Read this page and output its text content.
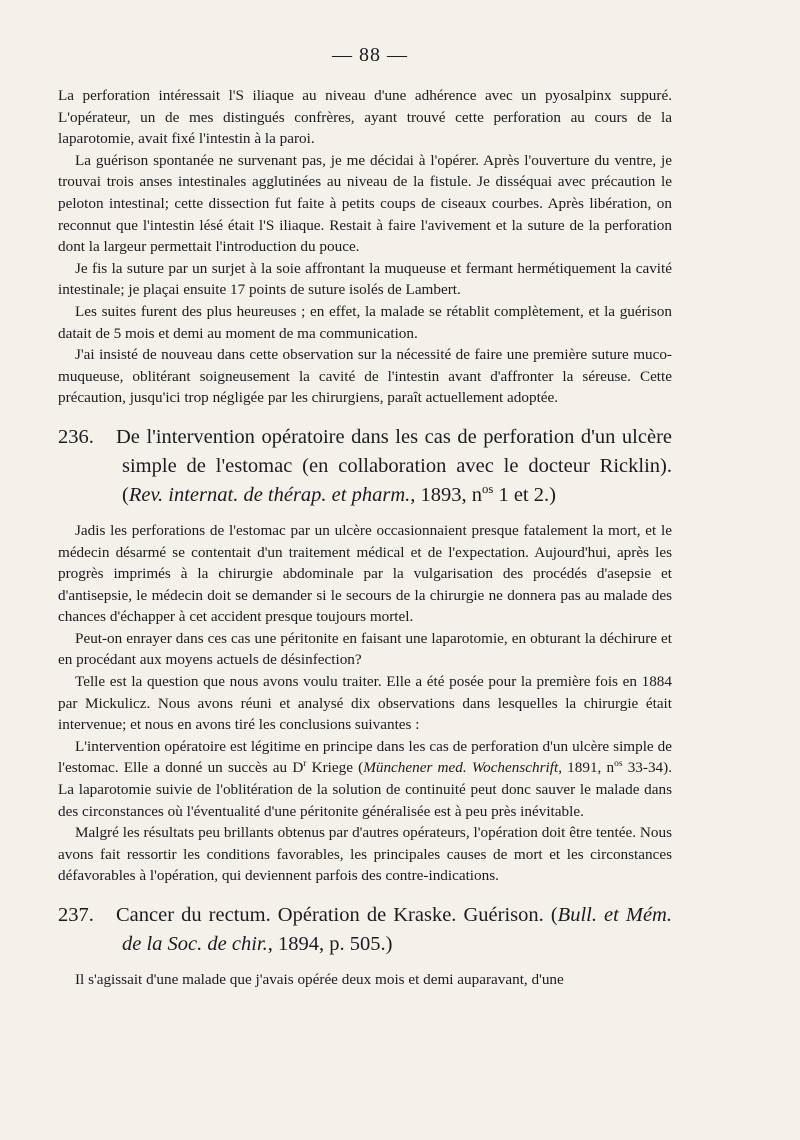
— 88 —

La perforation intéressait l'S iliaque au niveau d'une adhérence avec un pyosalpinx suppuré. L'opérateur, un de mes distingués confrères, ayant trouvé cette perforation au cours de la laparotomie, avait fixé l'intestin à la paroi.

La guérison spontanée ne survenant pas, je me décidai à l'opérer. Après l'ouverture du ventre, je trouvai trois anses intestinales agglutinées au niveau de la fistule. Je disséquai avec précaution le peloton intestinal; cette dissection fut faite à petits coups de ciseaux courbes. Après libération, on reconnut que l'intestin lésé était l'S iliaque. Restait à faire l'avivement et la suture de la perforation dont la largeur permettait l'introduction du pouce.

Je fis la suture par un surjet à la soie affrontant la muqueuse et fermant hermétiquement la cavité intestinale; je plaçai ensuite 17 points de suture isolés de Lambert.

Les suites furent des plus heureuses ; en effet, la malade se rétablit complètement, et la guérison datait de 5 mois et demi au moment de ma communication.

J'ai insisté de nouveau dans cette observation sur la nécessité de faire une première suture muco-muqueuse, oblitérant soigneusement la cavité de l'intestin avant d'affronter la séreuse. Cette précaution, jusqu'ici trop négligée par les chirurgiens, paraît actuellement adoptée.

236. De l'intervention opératoire dans les cas de perforation d'un ulcère simple de l'estomac (en collaboration avec le docteur Ricklin). (Rev. internat. de thérap. et pharm., 1893, $n^{os}$ 1 et 2.)

Jadis les perforations de l'estomac par un ulcère occasionnaient presque fatalement la mort, et le médecin désarmé se contentait d'un traitement médical et de l'expectation. Aujourd'hui, après les progrès imprimés à la chirurgie abdominale par la vulgarisation des procédés d'asepsie et d'antisepsie, le médecin doit se demander si le secours de la chirurgie ne donnera pas au malade des chances d'échapper à cet accident presque toujours mortel.

Peut-on enrayer dans ces cas une péritonite en faisant une laparotomie, en obturant la déchirure et en procédant aux moyens actuels de désinfection?

Telle est la question que nous avons voulu traiter. Elle a été posée pour la première fois en 1884 par Mickulicz. Nous avons réuni et analysé dix observations dans lesquelles la chirurgie était intervenue; et nous en avons tiré les conclusions suivantes :

L'intervention opératoire est légitime en principe dans les cas de perforation d'un ulcère simple de l'estomac. Elle a donné un succès au $D^r$ Kriege (Münchener med. Wochenschrift, 1891, $n^{os}$ 33-34). La laparotomie suivie de l'oblitération de la solution de continuité peut donc sauver le malade dans des circonstances où l'éventualité d'une péritonite généralisée est à peu près inévitable.

Malgré les résultats peu brillants obtenus par d'autres opérateurs, l'opération doit être tentée. Nous avons fait ressortir les conditions favorables, les principales causes de mort et les circonstances défavorables à l'opération, qui deviennent parfois des contre-indications.

237. Cancer du rectum. Opération de Kraske. Guérison. (Bull. et Mém. de la Soc. de chir., 1894, p. 505.)

Il s'agissait d'une malade que j'avais opérée deux mois et demi auparavant, d'une
